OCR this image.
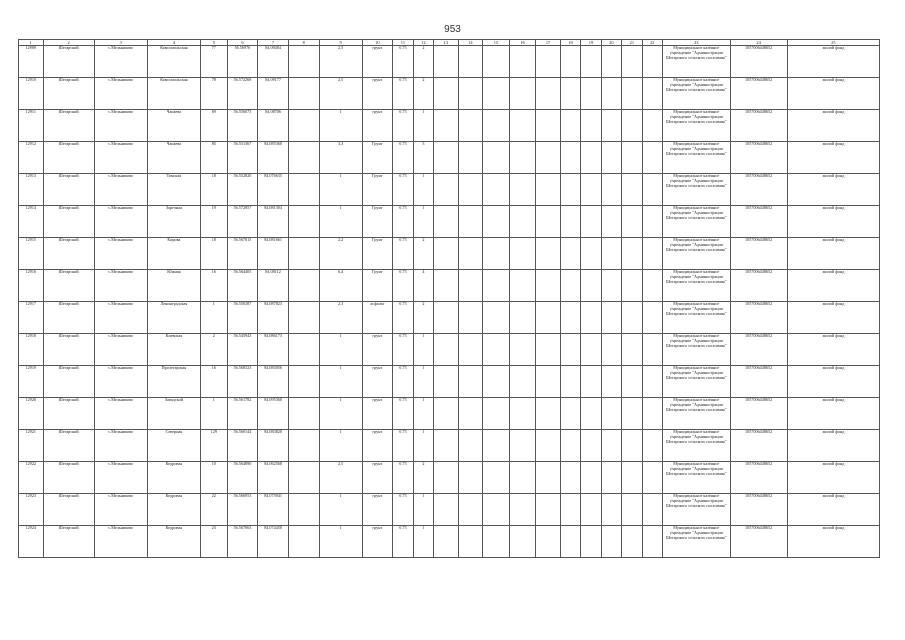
953
1	2	3	4	5	6	7	8	9	10	11	12	13	14	15	16	17	18	19	20	21	22	23	24	25
12909	Шегарский	с.Мельниково	Комсомольская	77	56.56976	84.09484		2,5	грунт	0.75	2											Муниципальное казённое учреждение "Администрация Шегарского сельского поселения"	1057006448652	жилой фонд
12910	Шегарский	с.Мельниково	Комсомольская	78	56.572268	84.09177		2,5	грунт	0.75	2											Муниципальное казённое учреждение "Администрация Шегарского сельского поселения"	1057006448652	жилой фонд
12911	Шегарский	с.Мельниково	Чапаева	69	56.556073	84.08706		1	грунт	0.75	1											Муниципальное казённое учреждение "Администрация Шегарского сельского поселения"	1057006448652	жилой фонд
12912	Шегарский	с.Мельниково	Чапаева	85	56.551367	84.085360		3,3	Грунт	0.75	3											Муниципальное казённое учреждение "Администрация Шегарского сельского поселения"	1057006448652	жилой фонд
12913	Шегарский	с.Мельниково	Томская	18	56.552820	84.076635		1	Грунт	0.75	1											Муниципальное казённое учреждение "Администрация Шегарского сельского поселения"	1057006448652	жилой фонд
12914	Шегарский	с.Мельниково	Заречная	19	56.572857	84.081304		1	Грунт	0.75	1											Муниципальное казённое учреждение "Администрация Шегарского сельского поселения"	1057006448652	жилой фонд
12915	Шегарский	с.Мельниково	Кирова	18	56.567015	84.081661		2,2	Грунт	0.75	2											Муниципальное казённое учреждение "Администрация Шегарского сельского поселения"	1057006448652	жилой фонд
12916	Шегарский	с.Мельниково	Южная	16	56.564405	84.08112		6,4	Грунт	0.75	4											Муниципальное казённое учреждение "Администрация Шегарского сельского поселения"	1057006448652	жилой фонд
12917	Шегарский	с.Мельниково	Ленинградская	1	56.556387	84.087823		2,3	асфальт	0.75	2											Муниципальное казённое учреждение "Администрация Шегарского сельского поселения"	1057006448652	жилой фонд
12918	Шегарский	с.Мельниково	Киевская	2	56.545943	84.086173		1	грунт	0.75	1											Муниципальное казённое учреждение "Администрация Шегарского сельского поселения"	1057006448652	жилой фонд
12919	Шегарский	с.Мельниково	Пролетарская	16	56.568323	84.083056		1	грунт	0.75	1											Муниципальное казённое учреждение "Администрация Шегарского сельского поселения"	1057006448652	жилой фонд
12920	Шегарский	с.Мельниково	Заводской	1	56.561782	84.095360		1	грунт	0.75	1											Муниципальное казённое учреждение "Администрация Шегарского сельского поселения"	1057006448652	жилой фонд
12921	Шегарский	с.Мельниково	Северная	129	56.560144	84.083820		1	грунт	0.75	1											Муниципальное казённое учреждение "Администрация Шегарского сельского поселения"	1057006448652	жилой фонд
12922	Шегарский	с.Мельниково	Кедровая	10	56.564890	84.062568		2,5	грунт	0.75	2											Муниципальное казённое учреждение "Администрация Шегарского сельского поселения"	1057006448652	жилой фонд
12923	Шегарский	с.Мельниково	Кедровая	22	56.566953	84.075941		1	грунт	0.75	1											Муниципальное казённое учреждение "Администрация Шегарского сельского поселения"	1057006448652	жилой фонд
12924	Шегарский	с.Мельниково	Кедровая	23	56.567063	84.074450		1	грунт	0.75	1											Муниципальное казённое учреждение "Администрация Шегарского сельского поселения"	1057006448652	жилой фонд
